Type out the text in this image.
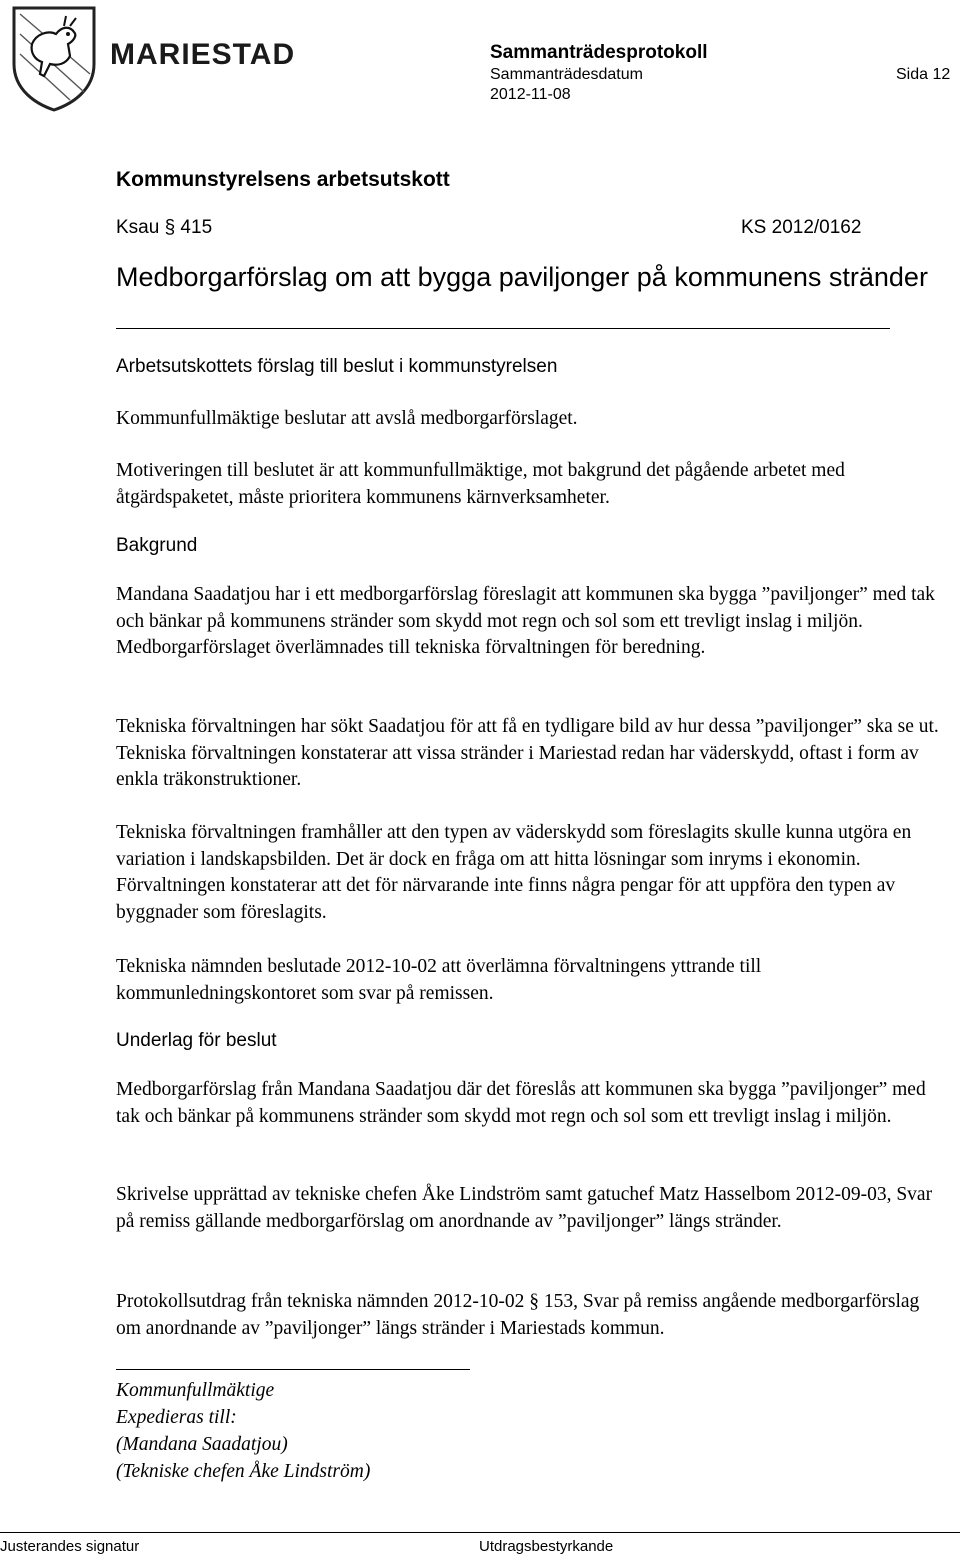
MARIESTAD	Sammanträdesprotokoll
Sammanträdesdatum
2012-11-08
Sida 12
Kommunstyrelsens arbetsutskott
Ksau § 415	KS 2012/0162
Medborgarförslag om att bygga paviljonger på kommunens stränder
Arbetsutskottets förslag till beslut i kommunstyrelsen

Kommunfullmäktige beslutar att avslå medborgarförslaget.

Motiveringen till beslutet är att kommunfullmäktige, mot bakgrund det pågående arbetet med åtgärdspaketet, måste prioritera kommunens kärnverksamheter.

Bakgrund

Mandana Saadatjou har i ett medborgarförslag föreslagit att kommunen ska bygga ”paviljonger” med tak och bänkar på kommunens stränder som skydd mot regn och sol som ett trevligt inslag i miljön. Medborgarförslaget överlämnades till tekniska förvaltningen för beredning.

Tekniska förvaltningen har sökt Saadatjou för att få en tydligare bild av hur dessa ”paviljonger” ska se ut. Tekniska förvaltningen konstaterar att vissa stränder i Mariestad redan har väderskydd, oftast i form av enkla träkonstruktioner.

Tekniska förvaltningen framhåller att den typen av väderskydd som föreslagits skulle kunna utgöra en variation i landskapsbilden. Det är dock en fråga om att hitta lösningar som inryms i ekonomin. Förvaltningen konstaterar att det för närvarande inte finns några pengar för att uppföra den typen av byggnader som föreslagits.

Tekniska nämnden beslutade 2012-10-02 att överlämna förvaltningens yttrande till kommunledningskontoret som svar på remissen.

Underlag för beslut

Medborgarförslag från Mandana Saadatjou där det föreslås att kommunen ska bygga ”paviljonger” med tak och bänkar på kommunens stränder som skydd mot regn och sol som ett trevligt inslag i miljön.

Skrivelse upprättad av tekniske chefen Åke Lindström samt gatuchef Matz Hasselbom 2012-09-03, Svar på remiss gällande medborgarförslag om anordnande av ”paviljonger” längs stränder.

Protokollsutdrag från tekniska nämnden 2012-10-02 § 153, Svar på remiss angående medborgarförslag om anordnande av ”paviljonger” längs stränder i Mariestads kommun.

Kommunfullmäktige
Expedieras till:
(Mandana Saadatjou)
(Tekniske chefen Åke Lindström)
Justerandes signatur	Utdragsbestyrkande
